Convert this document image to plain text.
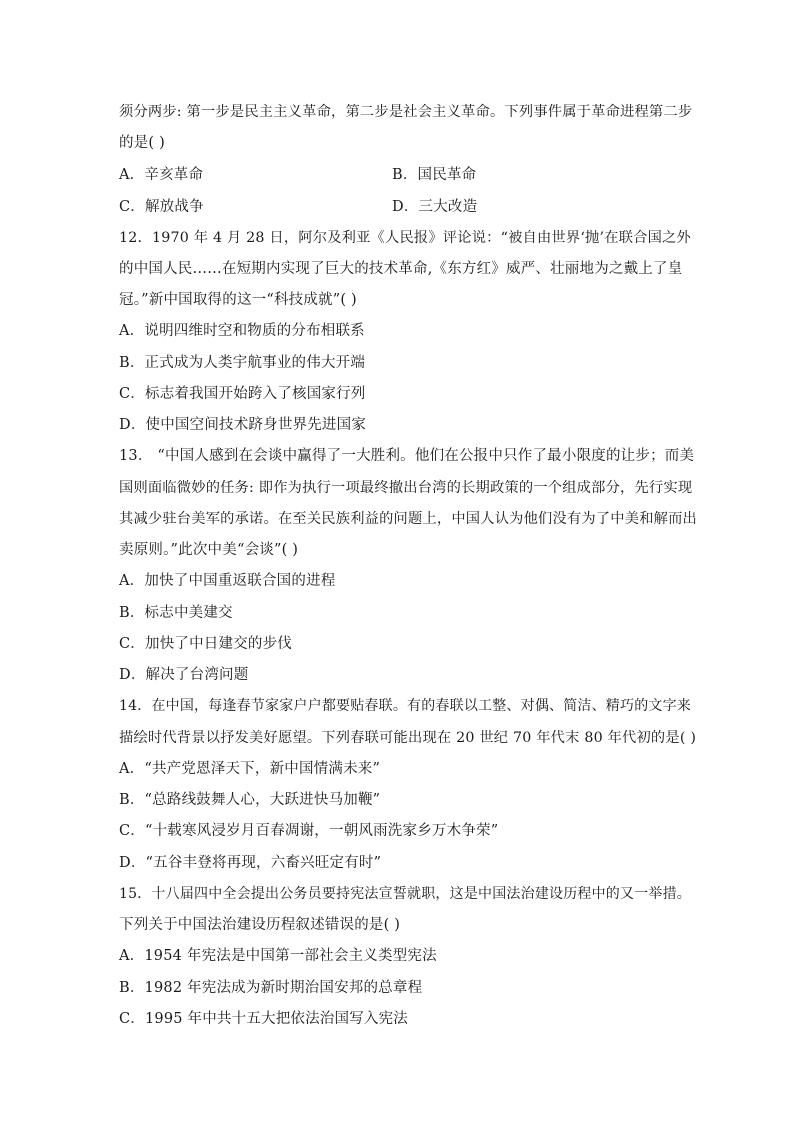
须分两步: 第一步是民主主义革命，第二步是社会主义革命。下列事件属于革命进程第二步
的是( )
A．辛亥革命	B．国民革命
C．解放战争	D．三大改造
12．1970 年 4 月 28 日，阿尔及利亚《人民报》评论说：“被自由世界‘抛’在联合国之外
的中国人民……在短期内实现了巨大的技术革命,《东方红》威严、壮丽地为之戴上了皇
冠。”新中国取得的这一“科技成就”( )
A．说明四维时空和物质的分布相联系
B．正式成为人类宇航事业的伟大开端
C．标志着我国开始跨入了核国家行列
D．使中国空间技术跻身世界先进国家
13． “中国人感到在会谈中赢得了一大胜利。他们在公报中只作了最小限度的让步；而美
国则面临微妙的任务: 即作为执行一项最终撤出台湾的长期政策的一个组成部分，先行实现
其减少驻台美军的承诺。在至关民族利益的问题上，中国人认为他们没有为了中美和解而出
卖原则。”此次中美“会谈”( )
A．加快了中国重返联合国的进程
B．标志中美建交
C．加快了中日建交的步伐
D．解决了台湾问题
14．在中国，每逢春节家家户户都要贴春联。有的春联以工整、对偶、简洁、精巧的文字来
描绘时代背景以抒发美好愿望。下列春联可能出现在 20 世纪 70 年代末 80 年代初的是( )
A．“共产党恩泽天下，新中国情满未来”
B．“总路线鼓舞人心，大跃进快马加鞭”
C．“十载寒风浸岁月百春凋谢，一朝风雨洗家乡万木争荣”
D．“五谷丰登将再现，六畜兴旺定有时”
15．十八届四中全会提出公务员要持宪法宣誓就职，这是中国法治建设历程中的又一举措。
下列关于中国法治建设历程叙述错误的是( )
A．1954 年宪法是中国第一部社会主义类型宪法
B．1982 年宪法成为新时期治国安邦的总章程
C．1995 年中共十五大把依法治国写入宪法
